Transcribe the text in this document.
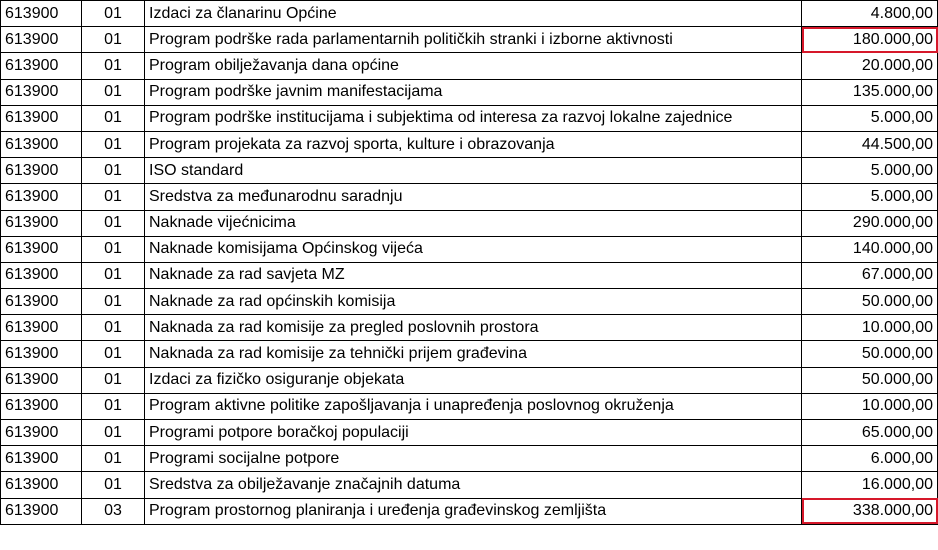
613900	01	Izdaci za članarinu Općine	4.800,00
613900	01	Program podrške rada parlamentarnih političkih stranki i izborne aktivnosti	180.000,00
613900	01	Program obilježavanja dana općine	20.000,00
613900	01	Program podrške javnim manifestacijama	135.000,00
613900	01	Program podrške institucijama i subjektima od interesa za razvoj lokalne zajednice	5.000,00
613900	01	Program projekata za razvoj sporta, kulture i obrazovanja	44.500,00
613900	01	ISO standard	5.000,00
613900	01	Sredstva za međunarodnu saradnju	5.000,00
613900	01	Naknade vijećnicima	290.000,00
613900	01	Naknade komisijama Općinskog vijeća	140.000,00
613900	01	Naknade za rad savjeta MZ	67.000,00
613900	01	Naknade za rad općinskih komisija	50.000,00
613900	01	Naknada za rad komisije za pregled poslovnih prostora	10.000,00
613900	01	Naknada za rad komisije za tehnički prijem građevina	50.000,00
613900	01	Izdaci za fizičko osiguranje objekata	50.000,00
613900	01	Program aktivne politike zapošljavanja i unapređenja poslovnog okruženja	10.000,00
613900	01	Programi potpore boračkoj populaciji	65.000,00
613900	01	Programi socijalne potpore	6.000,00
613900	01	Sredstva za obilježavanje značajnih datuma	16.000,00
613900	03	Program prostornog planiranja i uređenja građevinskog zemljišta	338.000,00
